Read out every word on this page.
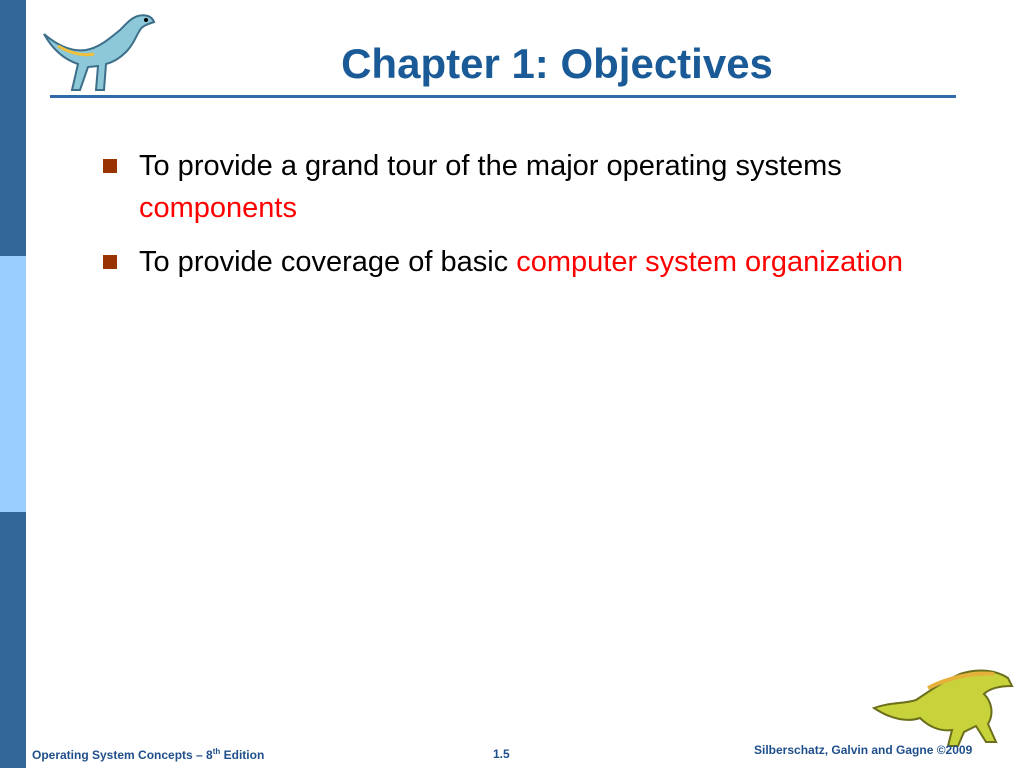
Chapter 1: Objectives
To provide a grand tour of the major operating systems
components
To provide coverage of basic computer system organization
Operating System Concepts – 8th Edition	1.5	Silberschatz, Galvin and Gagne ©2009
